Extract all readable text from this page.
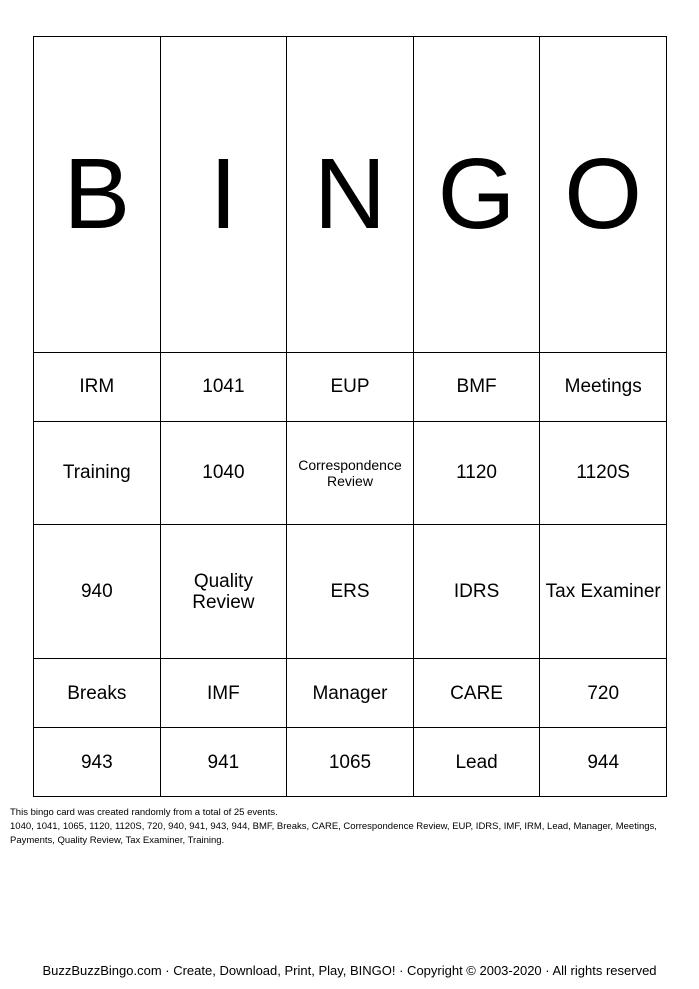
B	I	N	G	O
IRM	1041	EUP	BMF	Meetings
Training	1040	Correspondence Review	1120	1120S
940	Quality Review	ERS	IDRS	Tax Examiner
Breaks	IMF	Manager	CARE	720
943	941	1065	Lead	944
This bingo card was created randomly from a total of 25 events.
1040, 1041, 1065, 1120, 1120S, 720, 940, 941, 943, 944, BMF, Breaks, CARE, Correspondence Review, EUP, IDRS, IMF, IRM, Lead, Manager, Meetings, Payments, Quality Review, Tax Examiner, Training.
BuzzBuzzBingo.com · Create, Download, Print, Play, BINGO! · Copyright © 2003-2020 · All rights reserved
